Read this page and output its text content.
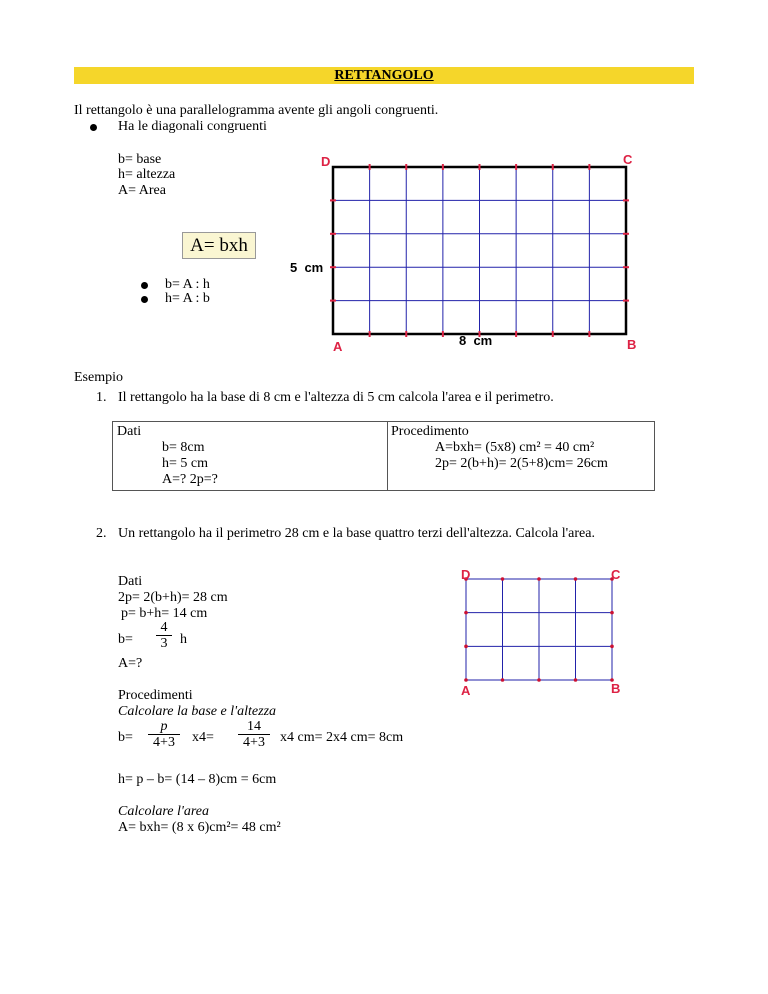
RETTANGOLO
Il rettangolo è una parallelogramma avente gli angoli congruenti.
Ha le diagonali congruenti
b= base
h= altezza
A= Area
A= bxh
b= A : h
h= A : b
D	C
A	B
5  cm
8  cm
Esempio
1. Il rettangolo ha la base di 8 cm e l'altezza di 5 cm calcola l'area e il perimetro.
Dati
b= 8cm
h= 5 cm
A=? 2p=?
Procedimento
A=bxh= (5x8) cm² = 40 cm²
2p= 2(b+h)= 2(5+8)cm= 26cm
2. Un rettangolo ha il perimetro 28 cm e la base quattro terzi dell'altezza. Calcola l'area.
Dati
2p= 2(b+h)= 28 cm
p= b+h= 14 cm
$b= \frac{4}{3}$ h
A=?
Procedimenti
Calcolare la base e l'altezza
$b= \frac{p}{4+3} x4= \frac{14}{4+3} x4$ cm= 2x4 cm= 8cm
h= p – b= (14 – 8)cm = 6cm
Calcolare l'area
A= bxh= (8 x 6)cm²= 48 cm²
D	C
A	B
